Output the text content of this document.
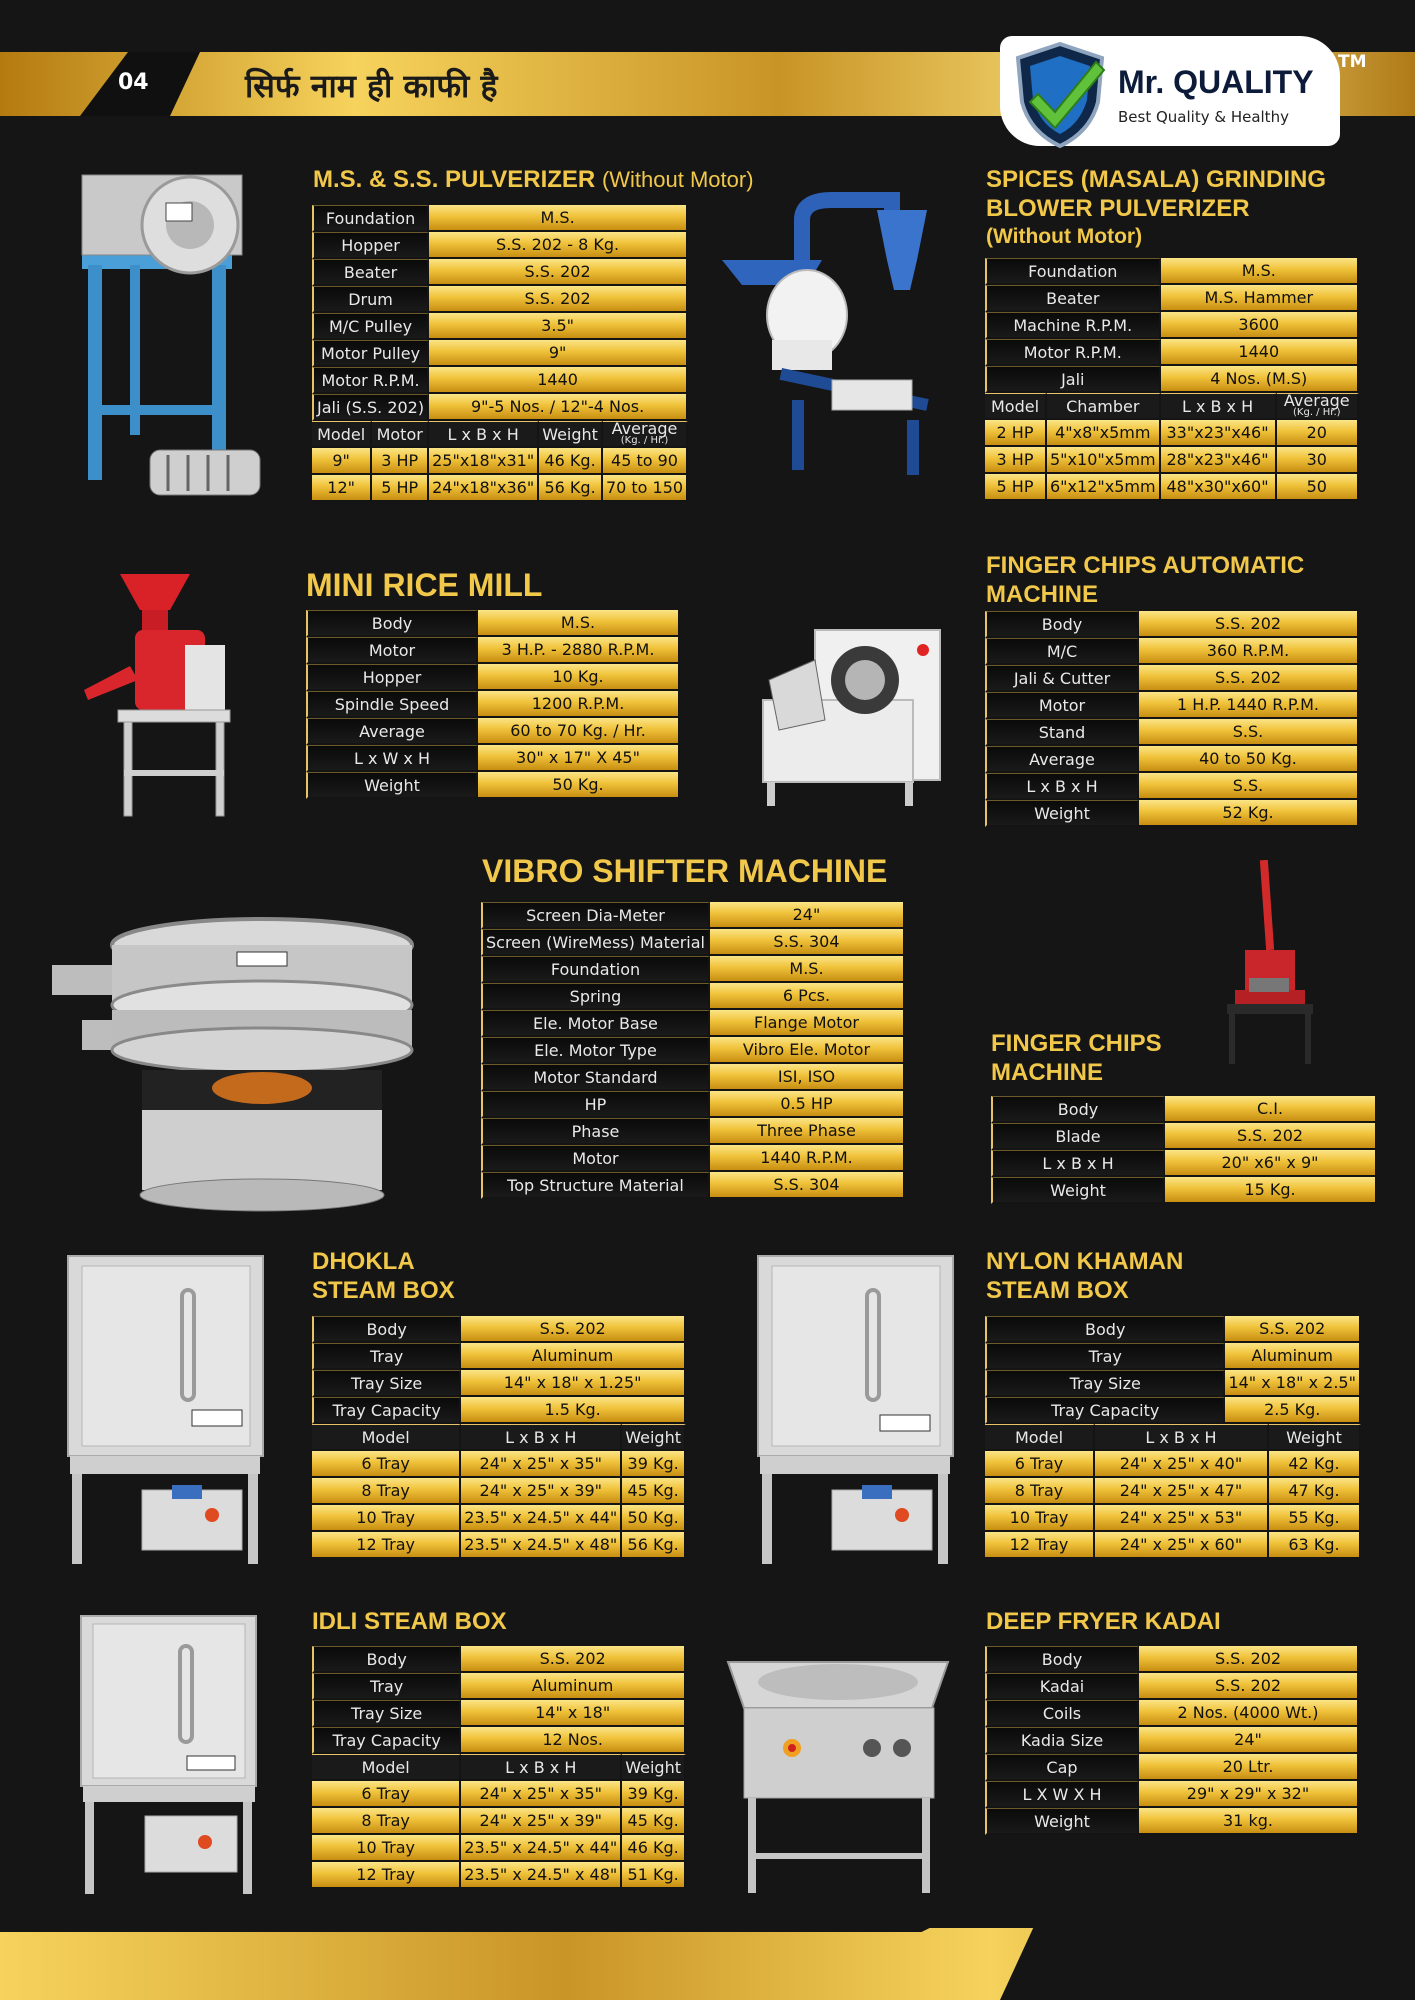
04	सिर्फ नाम ही काफी है	Mr. QUALITY
Best Quality & Healthy
TM
M.S. & S.S. PULVERIZER (Without Motor)
Foundation		M.S.		
Hopper		S.S. 202 - 8 Kg.		
Beater		S.S. 202		
Drum		S.S. 202		
M/C Pulley		3.5"		
Motor Pulley		9"		
Motor R.P.M.		1440		
Jali (S.S. 202)		9"-5 Nos. / 12"-4 Nos.		
Model	Motor	L x B x H	Weight	Average
(Kg. / Hr.)

9"	3 HP	25"x18"x31"	46 Kg.	45 to 90
12"	5 HP	24"x18"x36"	56 Kg.	70 to 150
SPICES (MASALA) GRINDING
BLOWER PULVERIZER
(Without Motor)
Foundation		M.S.	
Beater		M.S. Hammer	
Machine R.P.M.		3600	
Motor R.P.M.		1440	
Jali		4 Nos. (M.S)	
Model	Chamber	L x B x H	Average
(Kg. / Hr.)

2 HP	4"x8"x5mm	33"x23"x46"	20
3 HP	5"x10"x5mm	28"x23"x46"	30
5 HP	6"x12"x5mm	48"x30"x60"	50
MINI RICE MILL
Body	M.S.
Motor	3 H.P. - 2880 R.P.M.
Hopper	10 Kg.
Spindle Speed	1200 R.P.M.
Average	60 to 70 Kg. / Hr.
L x W x H	30" x 17" X 45"
Weight	50 Kg.
FINGER CHIPS AUTOMATIC
MACHINE
Body	S.S. 202
M/C	360 R.P.M.
Jali & Cutter	S.S. 202
Motor	1 H.P. 1440 R.P.M.
Stand	S.S.
Average	40 to 50 Kg.
L x B x H	S.S.
Weight	52 Kg.
VIBRO SHIFTER MACHINE
Screen Dia-Meter	24"
Screen (WireMess) Material	S.S. 304
Foundation	M.S.
Spring	6 Pcs.
Ele. Motor Base	Flange Motor
Ele. Motor Type	Vibro Ele. Motor
Motor Standard	ISI, ISO
HP	0.5 HP
Phase	Three Phase
Motor	1440 R.P.M.
Top Structure Material	S.S. 304
FINGER CHIPS
MACHINE
Body	C.I.
Blade	S.S. 202
L x B x H	20" x6" x 9"
Weight	15 Kg.
DHOKLA
STEAM BOX
Body	S.S. 202	
Tray	Aluminum	
Tray Size	14" x 18" x 1.25"	
Tray Capacity	1.5 Kg.	
Model	L x B x H	Weight
6 Tray	24" x 25" x 35"	39 Kg.
8 Tray	24" x 25" x 39"	45 Kg.
10 Tray	23.5" x 24.5" x 44"	50 Kg.
12 Tray	23.5" x 24.5" x 48"	56 Kg.
NYLON KHAMAN
STEAM BOX
Body		S.S. 202	
Tray		Aluminum	
Tray Size		14" x 18" x 2.5"	
Tray Capacity		2.5 Kg.	
Model	L x B x H		Weight
6 Tray	24" x 25" x 40"		42 Kg.
8 Tray	24" x 25" x 47"		47 Kg.
10 Tray	24" x 25" x 53"		55 Kg.
12 Tray	24" x 25" x 60"		63 Kg.
IDLI STEAM BOX
Body	S.S. 202	
Tray	Aluminum	
Tray Size	14" x 18"	
Tray Capacity	12 Nos.	
Model	L x B x H	Weight
6 Tray	24" x 25" x 35"	39 Kg.
8 Tray	24" x 25" x 39"	45 Kg.
10 Tray	23.5" x 24.5" x 44"	46 Kg.
12 Tray	23.5" x 24.5" x 48"	51 Kg.
DEEP FRYER KADAI
Body	S.S. 202
Kadai	S.S. 202
Coils	2 Nos. (4000 Wt.)
Kadia Size	24"
Cap	20 Ltr.
L X W X H	29" x 29" x 32"
Weight	31 kg.
